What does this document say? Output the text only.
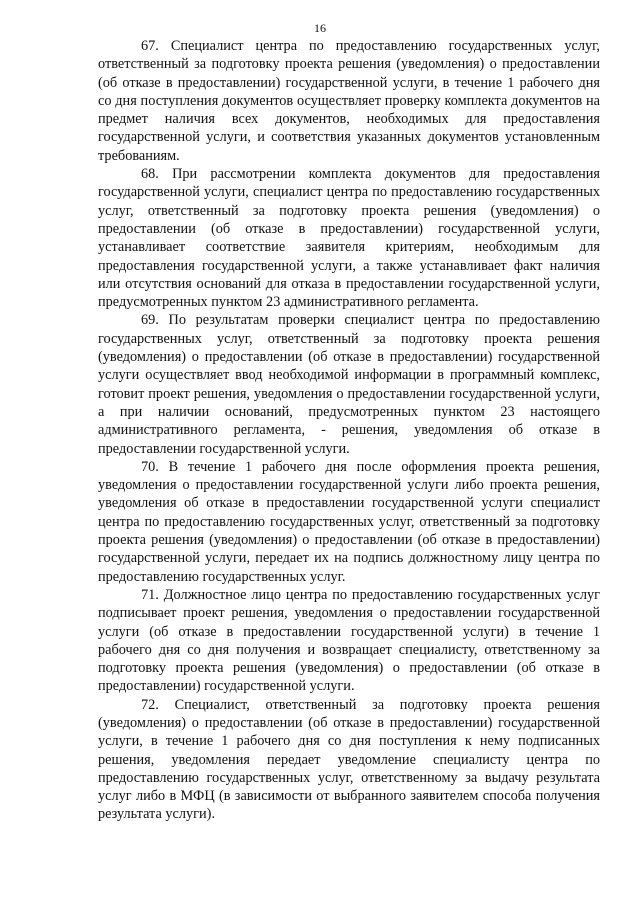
16

67. Специалист центра по предоставлению государственных услуг, ответственный за подготовку проекта решения (уведомления) о предоставлении (об отказе в предоставлении) государственной услуги, в течение 1 рабочего дня со дня поступления документов осуществляет проверку комплекта документов на предмет наличия всех документов, необходимых для предоставления государственной услуги, и соответствия указанных документов установленным требованиям.

68. При рассмотрении комплекта документов для предоставления государственной услуги, специалист центра по предоставлению государственных услуг, ответственный за подготовку проекта решения (уведомления) о предоставлении (об отказе в предоставлении) государственной услуги, устанавливает соответствие заявителя критериям, необходимым для предоставления государственной услуги, а также устанавливает факт наличия или отсутствия оснований для отказа в предоставлении государственной услуги, предусмотренных пунктом 23 административного регламента.

69. По результатам проверки специалист центра по предоставлению государственных услуг, ответственный за подготовку проекта решения (уведомления) о предоставлении (об отказе в предоставлении) государственной услуги осуществляет ввод необходимой информации в программный комплекс, готовит проект решения, уведомления о предоставлении государственной услуги, а при наличии оснований, предусмотренных пунктом 23 настоящего административного регламента, - решения, уведомления об отказе в предоставлении государственной услуги.

70. В течение 1 рабочего дня после оформления проекта решения, уведомления о предоставлении государственной услуги либо проекта решения, уведомления об отказе в предоставлении государственной услуги специалист центра по предоставлению государственных услуг, ответственный за подготовку проекта решения (уведомления) о предоставлении (об отказе в предоставлении) государственной услуги, передает их на подпись должностному лицу центра по предоставлению государственных услуг.

71. Должностное лицо центра по предоставлению государственных услуг подписывает проект решения, уведомления о предоставлении государственной услуги (об отказе в предоставлении государственной услуги) в течение 1 рабочего дня со дня получения и возвращает специалисту, ответственному за подготовку проекта решения (уведомления) о предоставлении (об отказе в предоставлении) государственной услуги.

72. Специалист, ответственный за подготовку проекта решения (уведомления) о предоставлении (об отказе в предоставлении) государственной услуги, в течение 1 рабочего дня со дня поступления к нему подписанных решения, уведомления передает уведомление специалисту центра по предоставлению государственных услуг, ответственному за выдачу результата услуг либо в МФЦ (в зависимости от выбранного заявителем способа получения результата услуги).
